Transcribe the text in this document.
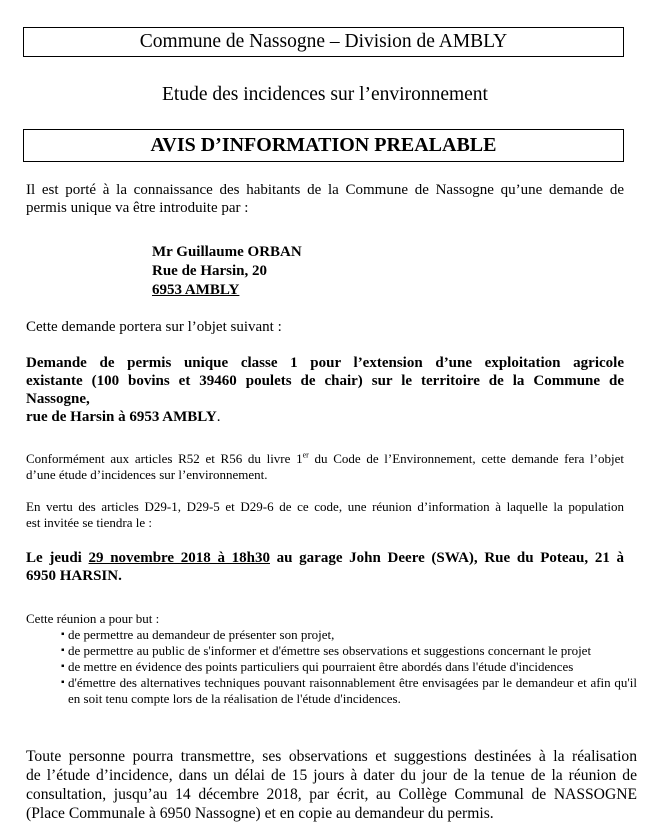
Commune de Nassogne – Division de AMBLY
Etude des incidences sur l’environnement
AVIS D’INFORMATION PREALABLE
Il est porté à la connaissance des habitants de la Commune de Nassogne qu’une demande de
permis unique va être introduite par :
Mr Guillaume ORBAN
Rue de Harsin, 20
6953 AMBLY
Cette demande portera sur l’objet suivant :
Demande de permis unique classe 1 pour l’extension d’une exploitation agricole
existante (100 bovins et 39460 poulets de chair) sur le territoire de la Commune de
Nassogne,
rue de Harsin à 6953 AMBLY.
Conformément aux articles R52 et R56 du livre 1er du Code de l’Environnement, cette demande fera l’objet
d’une étude d’incidences sur l’environnement.
En vertu des articles D29-1, D29-5 et D29-6 de ce code, une réunion d’information à laquelle la population
est invitée se tiendra le :
Le jeudi 29 novembre 2018 à 18h30 au garage John Deere (SWA), Rue du Poteau, 21 à
6950 HARSIN.
Cette réunion a pour but :
▪ de permettre au demandeur de présenter son projet,
▪ de permettre au public de s'informer et d'émettre ses observations et suggestions concernant le projet
▪ de mettre en évidence des points particuliers qui pourraient être abordés dans l'étude d'incidences
▪ d'émettre des alternatives techniques pouvant raisonnablement être envisagées par le demandeur et afin qu'il en soit tenu compte lors de la réalisation de l'étude d'incidences.
Toute personne pourra transmettre, ses observations et suggestions destinées à la réalisation
de l’étude d’incidence, dans un délai de 15 jours à dater du jour de la tenue de la réunion de
consultation, jusqu’au 14 décembre 2018, par écrit, au Collège Communal de NASSOGNE
(Place Communale à 6950 Nassogne) et en copie au demandeur du permis.
